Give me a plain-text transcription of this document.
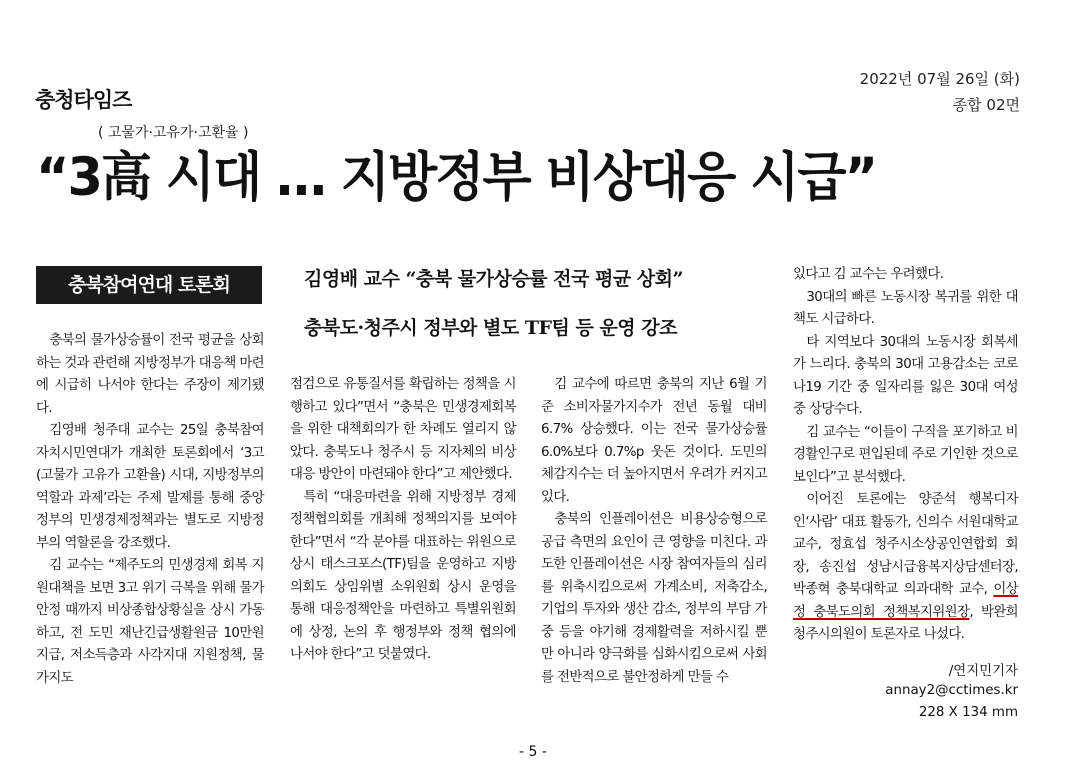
충청타임즈
2022년 07월 26일 (화)
종합 02면
( 고물가·고유가·고환율 )
“3高 시대 … 지방정부 비상대응 시급”
충북참여연대 토론회	김영배 교수 “충북 물가상승률 전국 평균 상회”
충북도·청주시 정부와 별도 TF팀 등 운영 강조

충북의 물가상승률이 전국 평균을 상회하는 것과 관련해 지방정부가 대응책 마련에 시급히 나서야 한다는 주장이 제기됐다.

김영배 청주대 교수는 25일 충북참여자치시민연대가 개최한 토론회에서 ‘3고(고물가 고유가 고환율) 시대, 지방정부의 역할과 과제’라는 주제 발제를 통해 중앙 정부의 민생경제정책과는 별도로 지방정부의 역할론을 강조했다.

김 교수는 “제주도의 민생경제 회복 지원대책을 보면 3고 위기 극복을 위해 물가 안정 때까지 비상종합상황실을 상시 가동하고, 전 도민 재난긴급생활원금 10만원 지급, 저소득층과 사각지대 지원정책, 물가지도

점검으로 유통질서를 확립하는 정책을 시행하고 있다”면서 “충북은 민생경제회복을 위한 대책회의가 한 차례도 열리지 않았다. 충북도나 청주시 등 지자체의 비상대응 방안이 마련돼야 한다”고 제안했다.

특히 “대응마련을 위해 지방정부 경제정책협의회를 개최해 정책의지를 보여야 한다”면서 “각 분야를 대표하는 위원으로 상시 태스크포스(TF)팀을 운영하고 지방의회도 상임위별 소위원회 상시 운영을 통해 대응정책안을 마련하고 특별위원회에 상정, 논의 후 행정부와 정책 협의에 나서야 한다”고 덧붙였다.

김 교수에 따르면 충북의 지난 6월 기준 소비자물가지수가 전년 동월 대비 6.7% 상승했다. 이는 전국 물가상승률 6.0%보다 0.7%p 웃돈 것이다. 도민의 체감지수는 더 높아지면서 우려가 커지고 있다.

충북의 인플레이션은 비용상승형으로 공급 측면의 요인이 큰 영향을 미친다. 과도한 인플레이션은 시장 참여자들의 심리를 위축시킴으로써 가계소비, 저축감소, 기업의 투자와 생산 감소, 정부의 부담 가중 등을 야기해 경제활력을 저하시킬 뿐만 아니라 양극화를 심화시킴으로써 사회를 전반적으로 불안정하게 만들 수

있다고 김 교수는 우려했다.

30대의 빠른 노동시장 복귀를 위한 대책도 시급하다.

타 지역보다 30대의 노동시장 회복세가 느리다. 충북의 30대 고용감소는 코로나19 기간 중 일자리를 잃은 30대 여성 중 상당수다.

김 교수는 “이들이 구직을 포기하고 비경활인구로 편입된데 주로 기인한 것으로 보인다”고 분석했다.

이어진 토론에는 양준석 행복디자인‘사람’ 대표 활동가, 신의수 서원대학교 교수, 정효섭 청주시소상공인연합회 회장, 송진섭 성남시급융복지상담센터장, 박종혁 충북대학교 의과대학 교수, 이상정 충북도의회 정책복지위원장, 박완희 청주시의원이 토론자로 나섰다.

/연지민기자
annay2@cctimes.kr
228 X 134 mm
- 5 -
